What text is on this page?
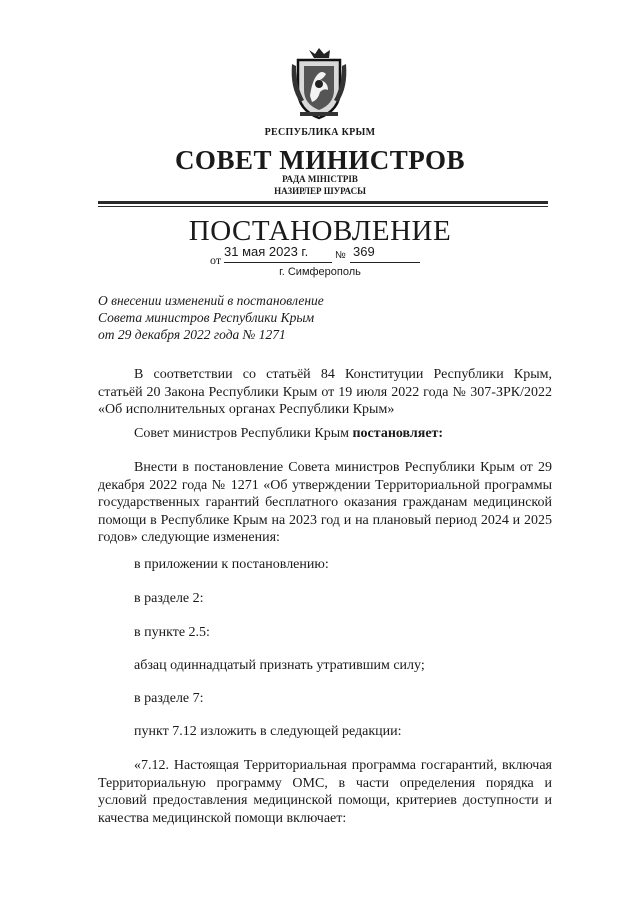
РЕСПУБЛИКА КРЫМ
СОВЕТ МИНИСТРОВ
РАДА МІНІСТРІВ
НАЗИРЛЕР ШУРАСЫ
ПОСТАНОВЛЕНИЕ
от
31 мая 2023 г.	№ 369
г. Симферополь
О внесении изменений в постановление
Совета министров Республики Крым
от 29 декабря 2022 года № 1271
В соответствии со статьёй 84 Конституции Республики Крым, статьёй 20 Закона Республики Крым от 19 июля 2022 года № 307-ЗРК/2022 «Об исполнительных органах Республики Крым»
Совет министров Республики Крым постановляет:
Внести в постановление Совета министров Республики Крым от 29 декабря 2022 года № 1271 «Об утверждении Территориальной программы государственных гарантий бесплатного оказания гражданам медицинской помощи в Республике Крым на 2023 год и на плановый период 2024 и 2025 годов» следующие изменения:
в приложении к постановлению:
в разделе 2:
в пункте 2.5:
абзац одиннадцатый признать утратившим силу;
в разделе 7:
пункт 7.12 изложить в следующей редакции:
«7.12. Настоящая Территориальная программа госгарантий, включая Территориальную программу ОМС, в части определения порядка и условий предоставления медицинской помощи, критериев доступности и качества медицинской помощи включает:
